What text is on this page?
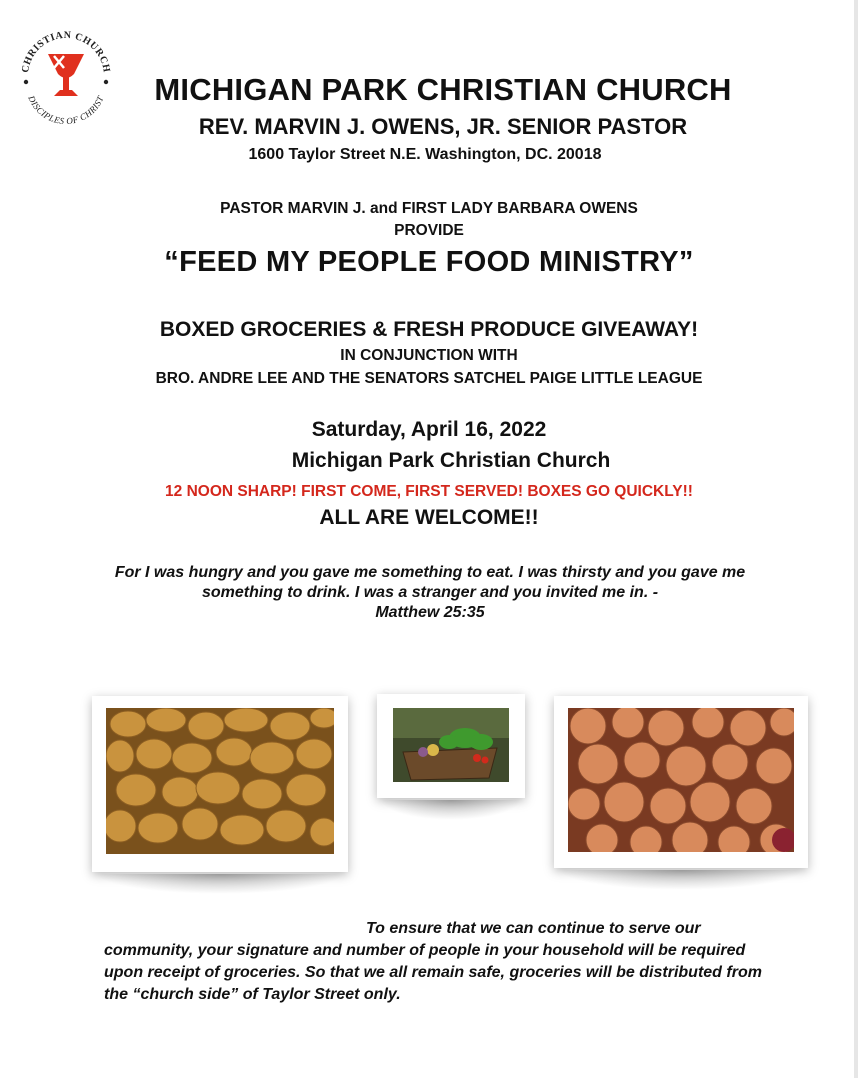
CHRISTIAN CHURCH
DISCIPLES OF CHRIST	MICHIGAN PARK CHRISTIAN CHURCH
REV. MARVIN J. OWENS, JR. SENIOR PASTOR
1600 Taylor Street N.E. Washington, DC. 20018
PASTOR MARVIN J. and FIRST LADY BARBARA OWENS
PROVIDE
“FEED MY PEOPLE FOOD MINISTRY”
BOXED GROCERIES & FRESH PRODUCE GIVEAWAY!
IN CONJUNCTION WITH
BRO. ANDRE LEE AND THE SENATORS SATCHEL PAIGE LITTLE LEAGUE
Saturday, April 16, 2022
Michigan Park Christian Church
12 NOON SHARP! FIRST COME, FIRST SERVED! BOXES GO QUICKLY!!
ALL ARE WELCOME!!
For I was hungry and you gave me something to eat. I was thirsty and you gave me something to drink. I was a stranger and you invited me in. -
Matthew 25:35
To ensure that we can continue to serve our community, your signature and number of people in your household will be required upon receipt of groceries. So that we all remain safe, groceries will be distributed from the “church side” of Taylor Street only.
